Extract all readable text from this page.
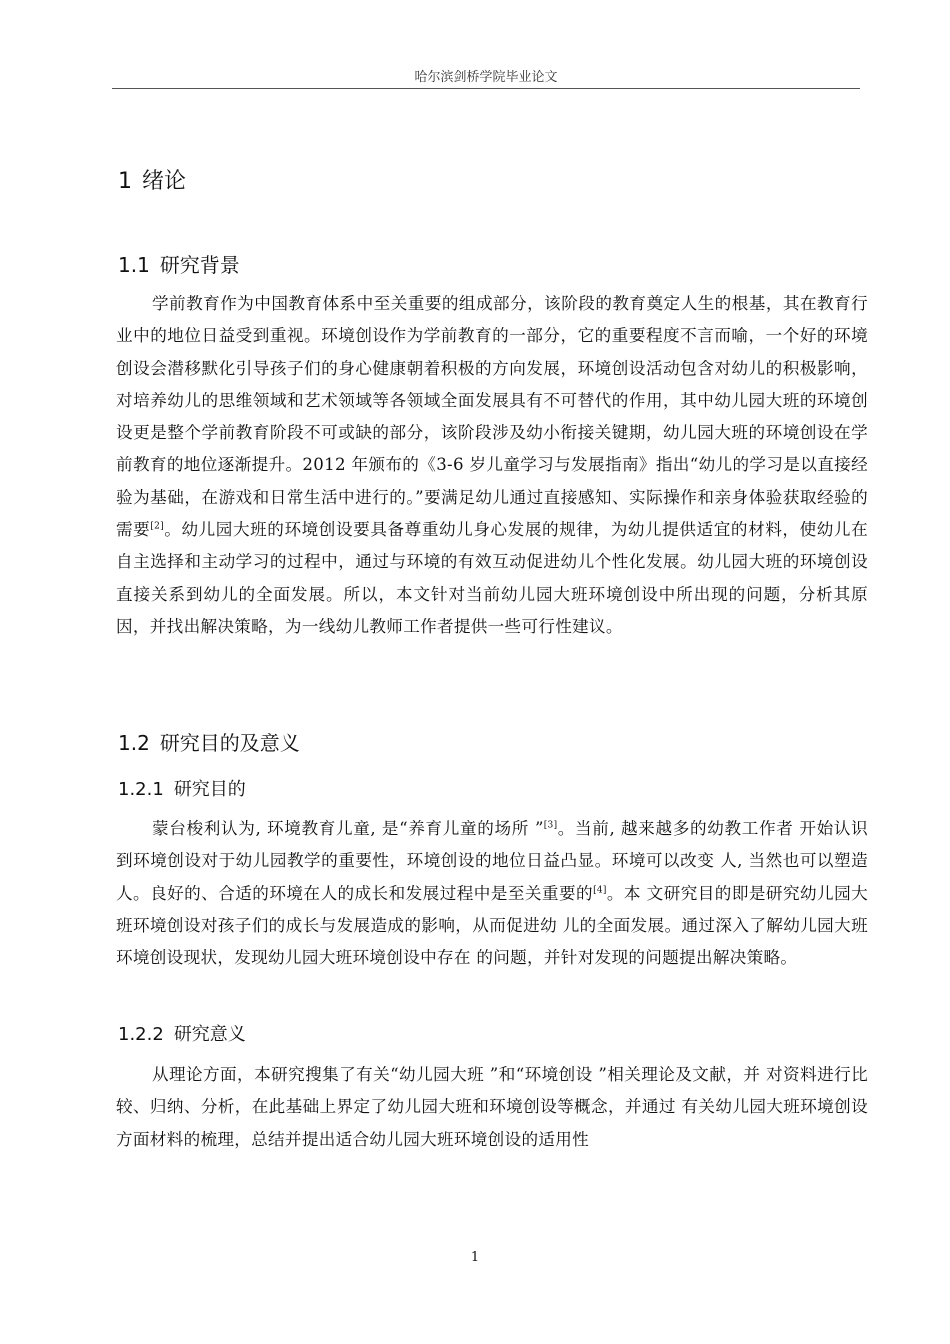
哈尔滨剑桥学院毕业论文
1 绪论
1.1 研究背景

学前教育作为中国教育体系中至关重要的组成部分，该阶段的教育奠定人生的根基，其在教育行业中的地位日益受到重视。环境创设作为学前教育的一部分，它的重要程度不言而喻，一个好的环境创设会潜移默化引导孩子们的身心健康朝着积极的方向发展，环境创设活动包含对幼儿的积极影响，对培养幼儿的思维领域和艺术领域等各领域全面发展具有不可替代的作用，其中幼儿园大班的环境创设更是整个学前教育阶段不可或缺的部分，该阶段涉及幼小衔接关键期，幼儿园大班的环境创设在学前教育的地位逐渐提升。2012 年颁布的《3-6 岁儿童学习与发展指南》指出“幼儿的学习是以直接经验为基础，在游戏和日常生活中进行的。”要满足幼儿通过直接感知、实际操作和亲身体验获取经验的需要[2]。幼儿园大班的环境创设要具备尊重幼儿身心发展的规律，为幼儿提供适宜的材料，使幼儿在自主选择和主动学习的过程中，通过与环境的有效互动促进幼儿个性化发展。幼儿园大班的环境创设直接关系到幼儿的全面发展。所以，本文针对当前幼儿园大班环境创设中所出现的问题，分析其原因，并找出解决策略，为一线幼儿教师工作者提供一些可行性建议。

1.2 研究目的及意义
1.2.1 研究目的

蒙台梭利认为, 环境教育儿童, 是“养育儿童的场所 ”[3]。当前, 越来越多的幼教工作者 开始认识到环境创设对于幼儿园教学的重要性，环境创设的地位日益凸显。环境可以改变 人, 当然也可以塑造人。良好的、合适的环境在人的成长和发展过程中是至关重要的[4]。本 文研究目的即是研究幼儿园大班环境创设对孩子们的成长与发展造成的影响，从而促进幼 儿的全面发展。通过深入了解幼儿园大班环境创设现状，发现幼儿园大班环境创设中存在 的问题，并针对发现的问题提出解决策略。

1.2.2 研究意义

从理论方面，本研究搜集了有关“幼儿园大班 ”和“环境创设 ”相关理论及文献，并 对资料进行比较、归纳、分析，在此基础上界定了幼儿园大班和环境创设等概念，并通过 有关幼儿园大班环境创设方面材料的梳理，总结并提出适合幼儿园大班环境创设的适用性

1
